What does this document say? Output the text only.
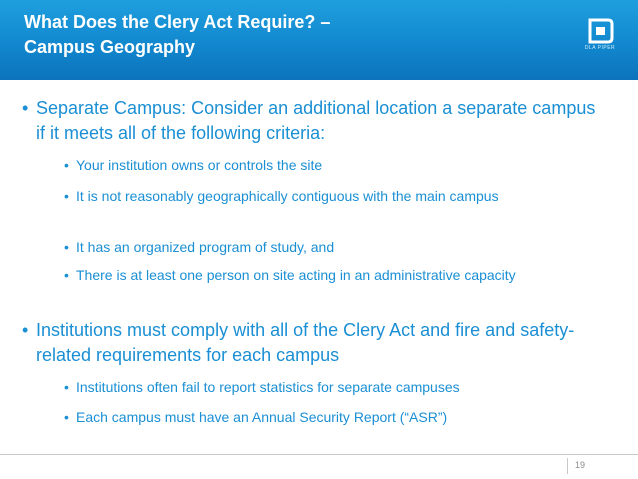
What Does the Clery Act Require? –
Campus Geography	DLA PIPER
• Separate Campus: Consider an additional location a separate campus if it meets all of the following criteria:
• Your institution owns or controls the site
• It is not reasonably geographically contiguous with the main campus
• It has an organized program of study, and
• There is at least one person on site acting in an administrative capacity
• Institutions must comply with all of the Clery Act and fire and safety-related requirements for each campus
• Institutions often fail to report statistics for separate campuses
• Each campus must have an Annual Security Report (“ASR”)
19
